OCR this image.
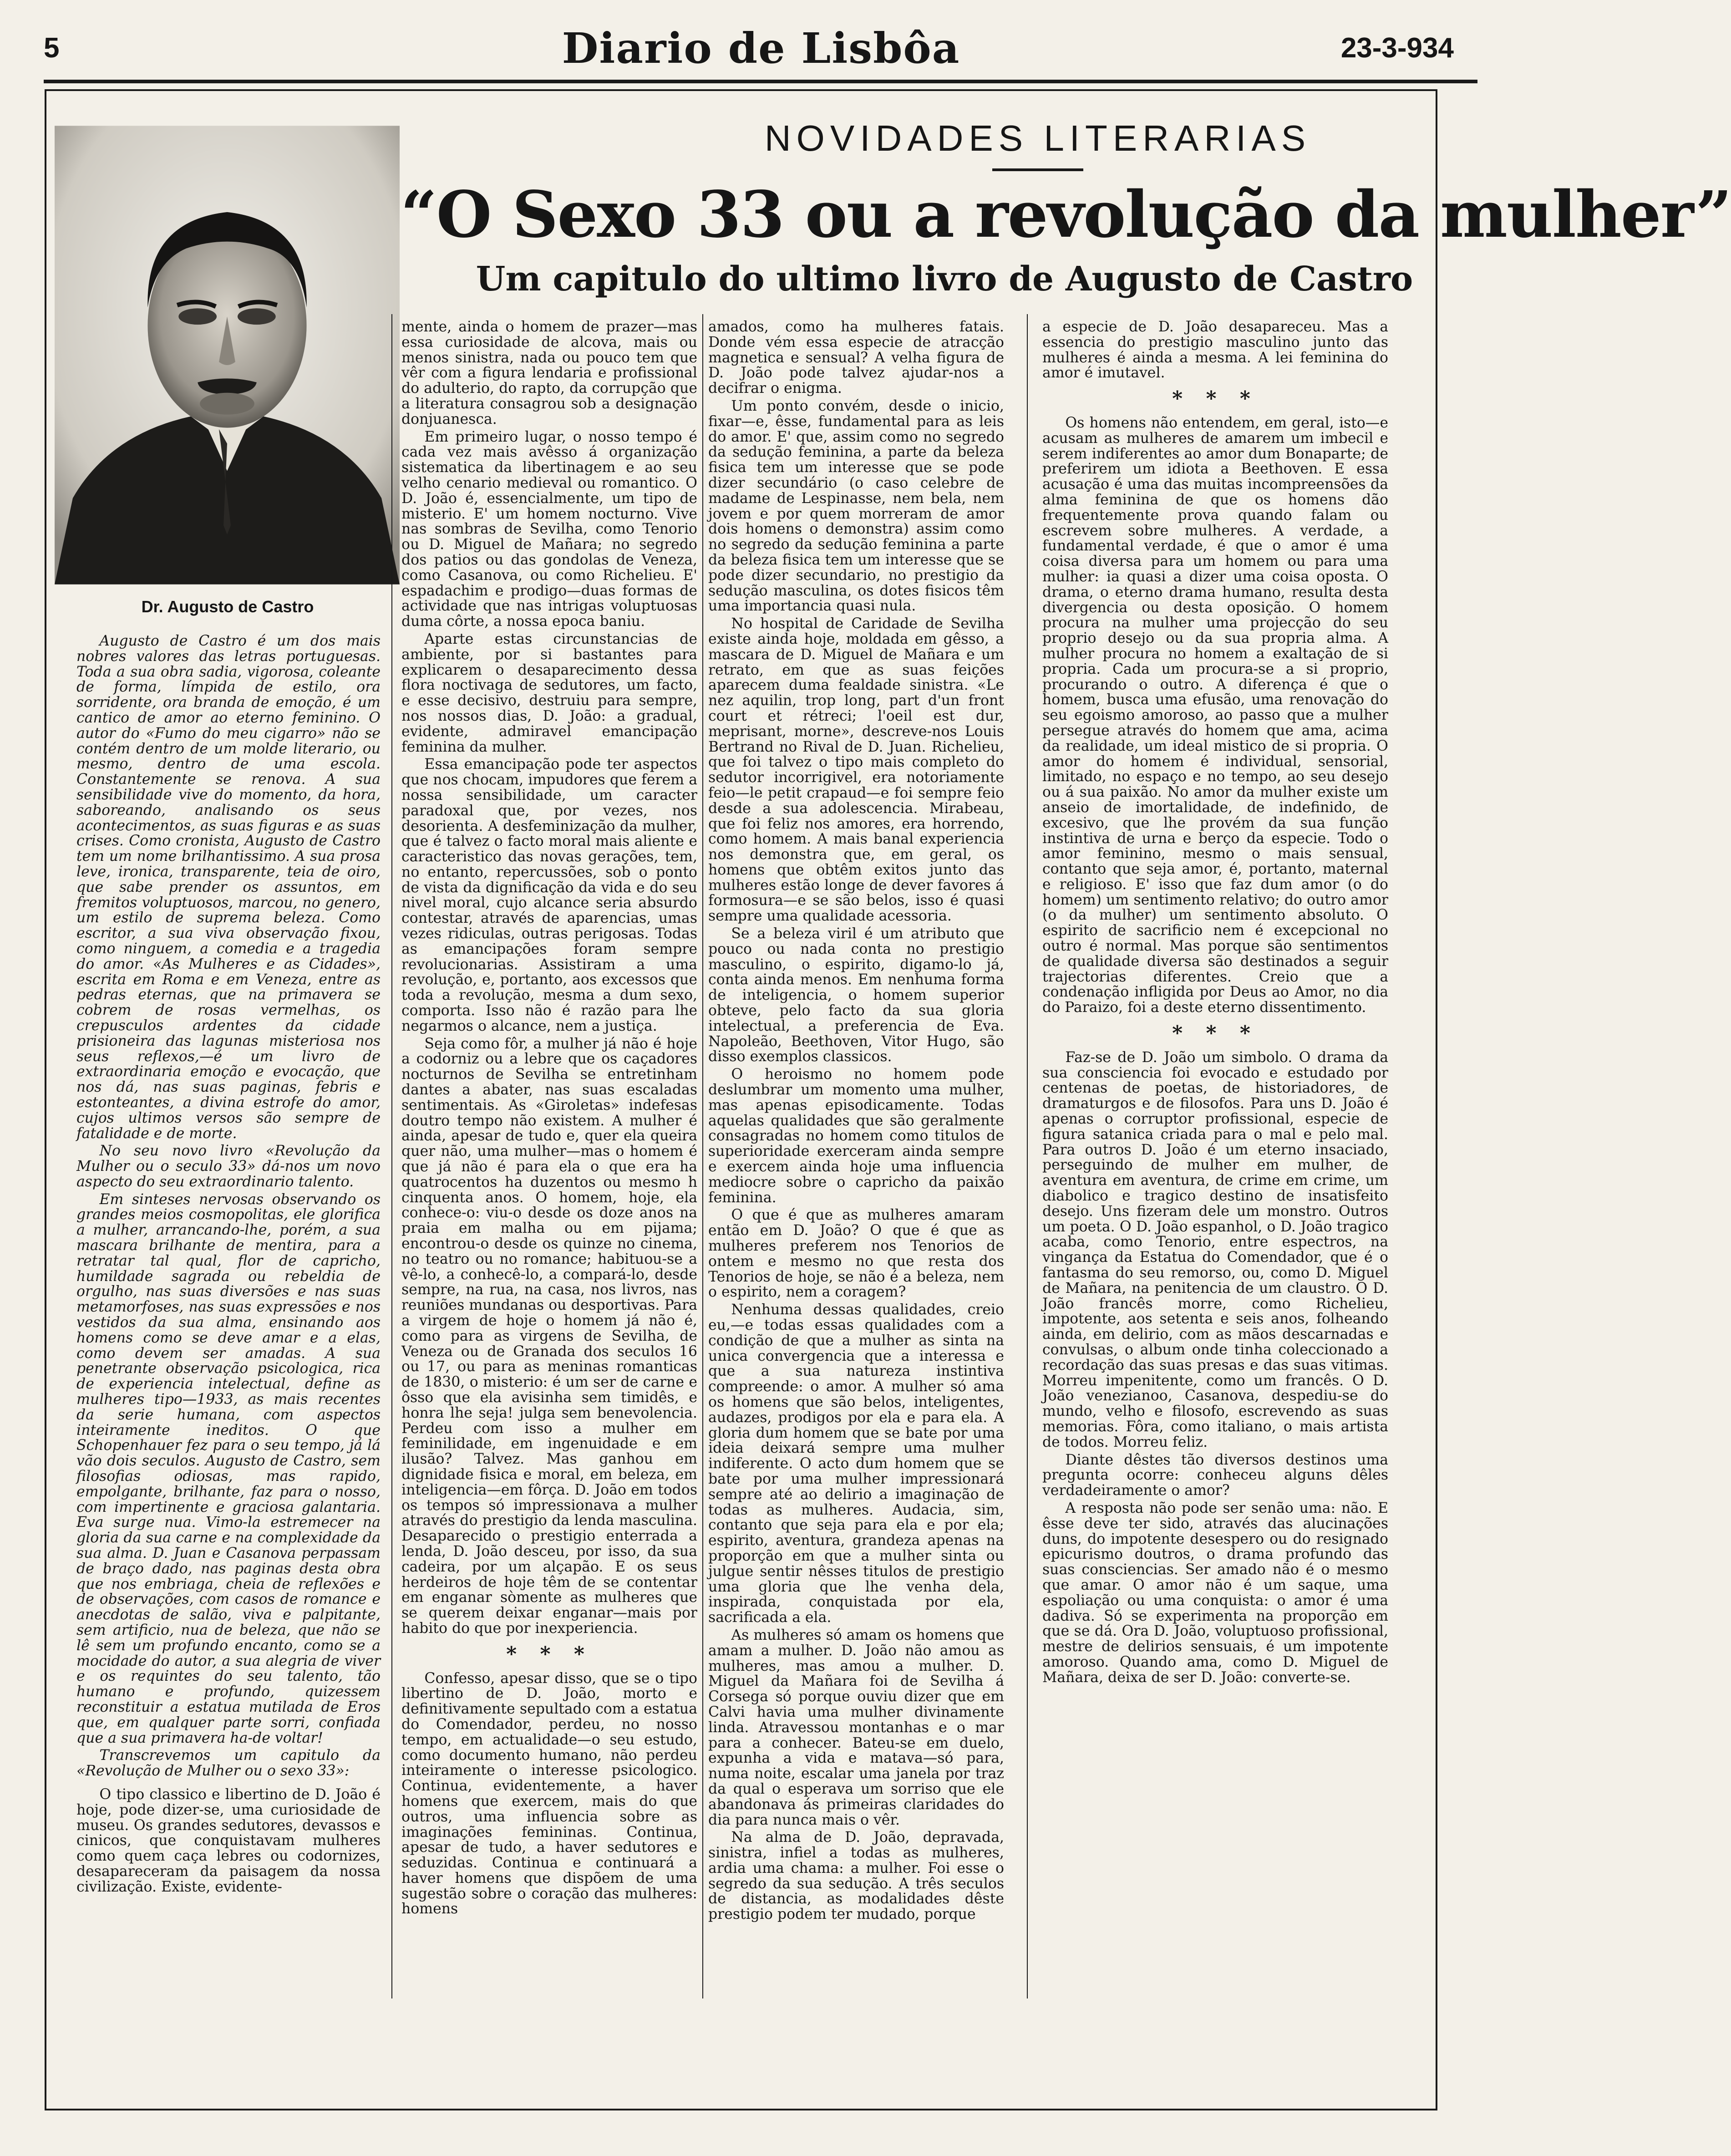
5	Diario de Lisbôa	23-3-934
NOVIDADES LITERARIAS
“O Sexo 33 ou a revolução da mulher”
Um capitulo do ultimo livro de Augusto de Castro
Dr. Augusto de Castro

Augusto de Castro é um dos mais nobres valores das letras portuguesas. Toda a sua obra sadia, vigorosa, coleante de forma, límpida de estilo, ora sorridente, ora branda de emoção, é um cantico de amor ao eterno feminino. O autor do «Fumo do meu cigarro» não se contém dentro de um molde literario, ou mesmo, dentro de uma escola. Constantemente se renova. A sua sensibilidade vive do momento, da hora, saboreando, analisando os seus acontecimentos, as suas figuras e as suas crises. Como cronista, Augusto de Castro tem um nome brilhantissimo. A sua prosa leve, ironica, transparente, teia de oiro, que sabe prender os assuntos, em fremitos voluptuosos, marcou, no genero, um estilo de suprema beleza. Como escritor, a sua viva observação fixou, como ninguem, a comedia e a tragedia do amor. «As Mulheres e as Cidades», escrita em Roma e em Veneza, entre as pedras eternas, que na primavera se cobrem de rosas vermelhas, os crepusculos ardentes da cidade prisioneira das lagunas misteriosa nos seus reflexos,—é um livro de extraordinaria emoção e evocação, que nos dá, nas suas paginas, febris e estonteantes, a divina estrofe do amor, cujos ultimos versos são sempre de fatalidade e de morte.

No seu novo livro «Revolução da Mulher ou o seculo 33» dá-nos um novo aspecto do seu extraordinario talento.

Em sinteses nervosas observando os grandes meios cosmopolitas, ele glorifica a mulher, arrancando-lhe, porém, a sua mascara brilhante de mentira, para a retratar tal qual, flor de capricho, humildade sagrada ou rebeldia de orgulho, nas suas diversões e nas suas metamorfoses, nas suas expressões e nos vestidos da sua alma, ensinando aos homens como se deve amar e a elas, como devem ser amadas. A sua penetrante observação psicologica, rica de experiencia intelectual, define as mulheres tipo—1933, as mais recentes da serie humana, com aspectos inteiramente ineditos. O que Schopenhauer fez para o seu tempo, já lá vão dois seculos. Augusto de Castro, sem filosofias odiosas, mas rapido, empolgante, brilhante, faz para o nosso, com impertinente e graciosa galantaria. Eva surge nua. Vimo-la estremecer na gloria da sua carne e na complexidade da sua alma. D. Juan e Casanova perpassam de braço dado, nas paginas desta obra que nos embriaga, cheia de reflexões e de observações, com casos de romance e anecdotas de salão, viva e palpitante, sem artificio, nua de beleza, que não se lê sem um profundo encanto, como se a mocidade do autor, a sua alegria de viver e os requintes do seu talento, tão humano e profundo, quizessem reconstituir a estatua mutilada de Eros que, em qualquer parte sorri, confiada que a sua primavera ha-de voltar!

Transcrevemos um capitulo da «Revolução de Mulher ou o sexo 33»:

O tipo classico e libertino de D. João é hoje, pode dizer-se, uma curiosidade de museu. Os grandes sedutores, devassos e cinicos, que conquistavam mulheres como quem caça lebres ou codornizes, desapareceram da paisagem da nossa civilização. Existe, evidente-

mente, ainda o homem de prazer—mas essa curiosidade de alcova, mais ou menos sinistra, nada ou pouco tem que vêr com a figura lendaria e profissional do adulterio, do rapto, da corrupção que a literatura consagrou sob a designação donjuanesca.

Em primeiro lugar, o nosso tempo é cada vez mais avêsso á organização sistematica da libertinagem e ao seu velho cenario medieval ou romantico. O D. João é, essencialmente, um tipo de misterio. E' um homem nocturno. Vive nas sombras de Sevilha, como Tenorio ou D. Miguel de Mañara; no segredo dos patios ou das gondolas de Veneza, como Casanova, ou como Richelieu. E' espadachim e prodigo—duas formas de actividade que nas intrigas voluptuosas duma côrte, a nossa epoca baniu.

Aparte estas circunstancias de ambiente, por si bastantes para explicarem o desaparecimento dessa flora noctivaga de sedutores, um facto, e esse decisivo, destruiu para sempre, nos nossos dias, D. João: a gradual, evidente, admiravel emancipação feminina da mulher.

Essa emancipação pode ter aspectos que nos chocam, impudores que ferem a nossa sensibilidade, um caracter paradoxal que, por vezes, nos desorienta. A desfeminização da mulher, que é talvez o facto moral mais aliente e caracteristico das novas gerações, tem, no entanto, repercussões, sob o ponto de vista da dignificação da vida e do seu nivel moral, cujo alcance seria absurdo contestar, através de aparencias, umas vezes ridiculas, outras perigosas. Todas as emancipações foram sempre revolucionarias. Assistiram a uma revolução, e, portanto, aos excessos que toda a revolução, mesma a dum sexo, comporta. Isso não é razão para lhe negarmos o alcance, nem a justiça.

Seja como fôr, a mulher já não é hoje a codorniz ou a lebre que os caçadores nocturnos de Sevilha se entretinham dantes a abater, nas suas escaladas sentimentais. As «Giroletas» indefesas doutro tempo não existem. A mulher é ainda, apesar de tudo e, quer ela queira quer não, uma mulher—mas o homem é que já não é para ela o que era ha quatrocentos ha duzentos ou mesmo h cinquenta anos. O homem, hoje, ela conhece-o: viu-o desde os doze anos na praia em malha ou em pijama; encontrou-o desde os quinze no cinema, no teatro ou no romance; habituou-se a vê-lo, a conhecê-lo, a compará-lo, desde sempre, na rua, na casa, nos livros, nas reuniões mundanas ou desportivas. Para a virgem de hoje o homem já não é, como para as virgens de Sevilha, de Veneza ou de Granada dos seculos 16 ou 17, ou para as meninas romanticas de 1830, o misterio: é um ser de carne e ôsso que ela avisinha sem timidês, e honra lhe seja! julga sem benevolencia. Perdeu com isso a mulher em feminilidade, em ingenuidade e em ilusão? Talvez. Mas ganhou em dignidade fisica e moral, em beleza, em inteligencia—em fôrça. D. João em todos os tempos só impressionava a mulher através do prestigio da lenda masculina. Desaparecido o prestigio enterrada a lenda, D. João desceu, por isso, da sua cadeira, por um alçapão. E os seus herdeiros de hoje têm de se contentar em enganar sòmente as mulheres que se querem deixar enganar—mais por habito do que por inexperiencia.

* * *

Confesso, apesar disso, que se o tipo libertino de D. João, morto e definitivamente sepultado com a estatua do Comendador, perdeu, no nosso tempo, em actualidade—o seu estudo, como documento humano, não perdeu inteiramente o interesse psicologico. Continua, evidentemente, a haver homens que exercem, mais do que outros, uma influencia sobre as imaginações femininas. Continua, apesar de tudo, a haver sedutores e seduzidas. Continua e continuará a haver homens que dispõem de uma sugestão sobre o coração das mulheres: homens

amados, como ha mulheres fatais. Donde vém essa especie de atracção magnetica e sensual? A velha figura de D. João pode talvez ajudar-nos a decifrar o enigma.

Um ponto convém, desde o inicio, fixar—e, êsse, fundamental para as leis do amor. E' que, assim como no segredo da sedução feminina, a parte da beleza fisica tem um interesse que se pode dizer secundário (o caso celebre de madame de Lespinasse, nem bela, nem jovem e por quem morreram de amor dois homens o demonstra) assim como no segredo da sedução feminina a parte da beleza fisica tem um interesse que se pode dizer secundario, no prestigio da sedução masculina, os dotes fisicos têm uma importancia quasi nula.

No hospital de Caridade de Sevilha existe ainda hoje, moldada em gêsso, a mascara de D. Miguel de Mañara e um retrato, em que as suas feições aparecem duma fealdade sinistra. «Le nez aquilin, trop long, part d'un front court et rétreci; l'oeil est dur, meprisant, morne», descreve-nos Louis Bertrand no Rival de D. Juan. Richelieu, que foi talvez o tipo mais completo do sedutor incorrigivel, era notoriamente feio—le petit crapaud—e foi sempre feio desde a sua adolescencia. Mirabeau, que foi feliz nos amores, era horrendo, como homem. A mais banal experiencia nos demonstra que, em geral, os homens que obtêm exitos junto das mulheres estão longe de dever favores á formosura—e se são belos, isso é quasi sempre uma qualidade acessoria.

Se a beleza viril é um atributo que pouco ou nada conta no prestigio masculino, o espirito, digamo-lo já, conta ainda menos. Em nenhuma forma de inteligencia, o homem superior obteve, pelo facto da sua gloria intelectual, a preferencia de Eva. Napoleão, Beethoven, Vitor Hugo, são disso exemplos classicos.

O heroismo no homem pode deslumbrar um momento uma mulher, mas apenas episodicamente. Todas aquelas qualidades que são geralmente consagradas no homem como titulos de superioridade exerceram ainda sempre e exercem ainda hoje uma influencia mediocre sobre o capricho da paixão feminina.

O que é que as mulheres amaram então em D. João? O que é que as mulheres preferem nos Tenorios de ontem e mesmo no que resta dos Tenorios de hoje, se não é a beleza, nem o espirito, nem a coragem?

Nenhuma dessas qualidades, creio eu,—e todas essas qualidades com a condição de que a mulher as sinta na unica convergencia que a interessa e que a sua natureza instintiva compreende: o amor. A mulher só ama os homens que são belos, inteligentes, audazes, prodigos por ela e para ela. A gloria dum homem que se bate por uma ideia deixará sempre uma mulher indiferente. O acto dum homem que se bate por uma mulher impressionará sempre até ao delirio a imaginação de todas as mulheres. Audacia, sim, contanto que seja para ela e por ela; espirito, aventura, grandeza apenas na proporção em que a mulher sinta ou julgue sentir nêsses titulos de prestigio uma gloria que lhe venha dela, inspirada, conquistada por ela, sacrificada a ela.

As mulheres só amam os homens que amam a mulher. D. João não amou as mulheres, mas amou a mulher. D. Miguel da Mañara foi de Sevilha á Corsega só porque ouviu dizer que em Calvi havia uma mulher divinamente linda. Atravessou montanhas e o mar para a conhecer. Bateu-se em duelo, expunha a vida e matava—só para, numa noite, escalar uma janela por traz da qual o esperava um sorriso que ele abandonava ás primeiras claridades do dia para nunca mais o vêr.

Na alma de D. João, depravada, sinistra, infiel a todas as mulheres, ardia uma chama: a mulher. Foi esse o segredo da sua sedução. A três seculos de distancia, as modalidades dêste prestigio podem ter mudado, porque

a especie de D. João desapareceu. Mas a essencia do prestigio masculino junto das mulheres é ainda a mesma. A lei feminina do amor é imutavel.

* * *

Os homens não entendem, em geral, isto—e acusam as mulheres de amarem um imbecil e serem indiferentes ao amor dum Bonaparte; de preferirem um idiota a Beethoven. E essa acusação é uma das muitas incompreensões da alma feminina de que os homens dão frequentemente prova quando falam ou escrevem sobre mulheres. A verdade, a fundamental verdade, é que o amor é uma coisa diversa para um homem ou para uma mulher: ia quasi a dizer uma coisa oposta. O drama, o eterno drama humano, resulta desta divergencia ou desta oposição. O homem procura na mulher uma projecção do seu proprio desejo ou da sua propria alma. A mulher procura no homem a exaltação de si propria. Cada um procura-se a si proprio, procurando o outro. A diferença é que o homem, busca uma efusão, uma renovação do seu egoismo amoroso, ao passo que a mulher persegue através do homem que ama, acima da realidade, um ideal mistico de si propria. O amor do homem é individual, sensorial, limitado, no espaço e no tempo, ao seu desejo ou á sua paixão. No amor da mulher existe um anseio de imortalidade, de indefinido, de excesivo, que lhe provém da sua função instintiva de urna e berço da especie. Todo o amor feminino, mesmo o mais sensual, contanto que seja amor, é, portanto, maternal e religioso. E' isso que faz dum amor (o do homem) um sentimento relativo; do outro amor (o da mulher) um sentimento absoluto. O espirito de sacrificio nem é excepcional no outro é normal. Mas porque são sentimentos de qualidade diversa são destinados a seguir trajectorias diferentes. Creio que a condenação infligida por Deus ao Amor, no dia do Paraizo, foi a deste eterno dissentimento.

* * *

Faz-se de D. João um simbolo. O drama da sua consciencia foi evocado e estudado por centenas de poetas, de historiadores, de dramaturgos e de filosofos. Para uns D. João é apenas o corruptor profissional, especie de figura satanica criada para o mal e pelo mal. Para outros D. João é um eterno insaciado, perseguindo de mulher em mulher, de aventura em aventura, de crime em crime, um diabolico e tragico destino de insatisfeito desejo. Uns fizeram dele um monstro. Outros um poeta. O D. João espanhol, o D. João tragico acaba, como Tenorio, entre espectros, na vingança da Estatua do Comendador, que é o fantasma do seu remorso, ou, como D. Miguel de Mañara, na penitencia de um claustro. O D. João francês morre, como Richelieu, impotente, aos setenta e seis anos, folheando ainda, em delirio, com as mãos descarnadas e convulsas, o album onde tinha coleccionado a recordação das suas presas e das suas vitimas. Morreu impenitente, como um francês. O D. João venezianoo, Casanova, despediu-se do mundo, velho e filosofo, escrevendo as suas memorias. Fôra, como italiano, o mais artista de todos. Morreu feliz.

Diante dêstes tão diversos destinos uma pregunta ocorre: conheceu alguns dêles verdadeiramente o amor?

A resposta não pode ser senão uma: não. E êsse deve ter sido, através das alucinações duns, do impotente desespero ou do resignado epicurismo doutros, o drama profundo das suas consciencias. Ser amado não é o mesmo que amar. O amor não é um saque, uma espoliação ou uma conquista: o amor é uma dadiva. Só se experimenta na proporção em que se dá. Ora D. João, voluptuoso profissional, mestre de delirios sensuais, é um impotente amoroso. Quando ama, como D. Miguel de Mañara, deixa de ser D. João: converte-se.
